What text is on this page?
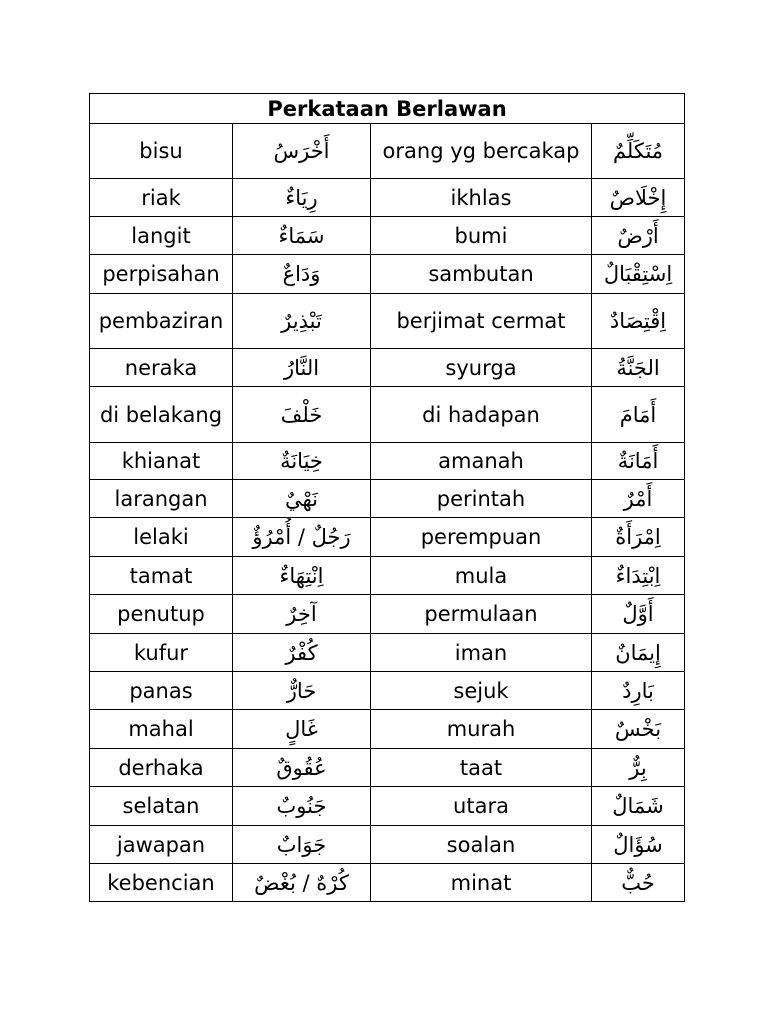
Perkataan Berlawan			
bisu	أَخْرَسُ	orang yg bercakap	مُتَكَلِّمٌ
riak	رِيَاءٌ	ikhlas	إِخْلَاصٌ
langit	سَمَاءٌ	bumi	أَرْضٌ
perpisahan	وَدَاعٌ	sambutan	اِسْتِقْبَالٌ
pembaziran	تَبْذِيرٌ	berjimat cermat	اِقْتِصَادٌ
neraka	النَّارُ	syurga	الجَنَّةُ
di belakang	خَلْفَ	di hadapan	أَمَامَ
khianat	خِيَانَةٌ	amanah	أَمَانَةٌ
larangan	نَهْيٌ	perintah	أَمْرٌ
lelaki	رَجُلٌ / أُمْرُؤٌ	perempuan	اِمْرَأَةٌ
tamat	اِنْتِهَاءٌ	mula	اِبْتِدَاءٌ
penutup	آخِرٌ	permulaan	أَوَّلٌ
kufur	كُفْرٌ	iman	إِيمَانٌ
panas	حَارٌّ	sejuk	بَارِدٌ
mahal	غَالٍ	murah	بَخْسٌ
derhaka	عُقُوقٌ	taat	بِرٌّ
selatan	جَنُوبٌ	utara	شَمَالٌ
jawapan	جَوَابٌ	soalan	سُؤَالٌ
kebencian	كُرْهٌ / بُغْضٌ	minat	حُبٌّ
